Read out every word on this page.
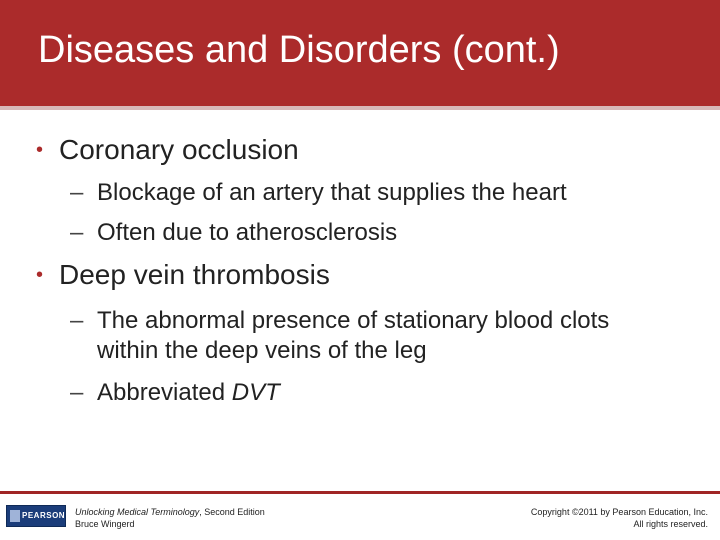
Diseases and Disorders (cont.)
• Coronary occlusion
– Blockage of an artery that supplies the heart
– Often due to atherosclerosis
• Deep vein thrombosis
– The abnormal presence of stationary blood clots within the deep veins of the leg
– Abbreviated DVT
PEARSON Unlocking Medical Terminology, Second Edition
Bruce Wingerd
Copyright ©2011 by Pearson Education, Inc.
All rights reserved.
